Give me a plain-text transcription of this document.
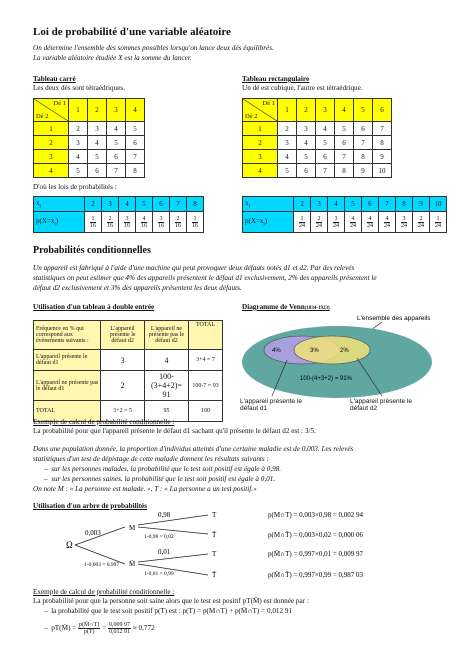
Loi de probabilité d'une variable aléatoire
On détermine l'ensemble des sommes possibles lorsqu'on lance deux dés équilibrés.
La variable aléatoire étudiée X est la somme du lancer.
Tableau carré
Les deux dés sont tétraédriques.
Dé 1
Dé 2	1	2	3	4
1	2	3	4	5
2	3	4	5	6
3	4	5	6	7
4	5	6	7	8
Tableau rectangulaire
Un dé est cubique, l'autre est tétraédrique.
Dé 1
Dé 2	1	2	3	4	5	6
1	2	3	4	5	6	7
2	3	4	5	6	7	8
3	4	5	6	7	8	9
4	5	6	7	8	9	10
D'où les lois de probabilités :
$x_i$	2	3	4	5	6	7	8
$p(X=x_i)$	$\frac{1}{16}$	$\frac{2}{16}$	$\frac{3}{16}$	$\frac{4}{16}$	$\frac{3}{16}$	$\frac{2}{16}$	$\frac{1}{16}$
$x_i$	2	3	4	5	6	7	8	9	10
$p(X=x_i)$	$\frac{1}{24}$	$\frac{2}{24}$	$\frac{3}{24}$	$\frac{4}{24}$	$\frac{4}{24}$	$\frac{4}{24}$	$\frac{3}{24}$	$\frac{2}{24}$	$\frac{1}{24}$
Probabilités conditionnelles
Un appareil est fabriqué à l'aide d'une machine qui peut provoquer deux défauts notés d1 et d2. Par des relevés
statistiques on peut estimer que 4% des appareils présentent le défaut d1 exclusivement, 2% des appareils présentent le
défaut d2 exclusivement et 3% des appareils présentent les deux défauts.
Utilisation d'un tableau à double entrée
Fréquence en % qui correspond aux évènements suivants :	L'appareil présente le défaut d2	L'appareil ne présente pas le défaut d2	TOTAL
L'appareil présente le défaut d1	3	4	3+4 = 7
L'appareil ne présente pas le défaut d1	2	100-(3+4+2)= 91	100-7 = 93
TOTAL	3+2 = 5	95	100
Diagramme de Venn(1834-1923)
L'ensemble des appareils
4%	3%	2%
100-(4+3+2) = 91%
L'appareil présente le défaut d1
L'appareil présente le défaut d2
Exemple de calcul de probabilité conditionnelle :
La probabilité pour que l'appareil présente le défaut d1 sachant qu'il présente le défaut d2 est : 3/5.
Dans une population donnée, la proportion d'individus atteints d'une certaine maladie est de 0,003. Les relevés
statistiques d'un test de dépistage de cette maladie donnent les résultats suivants :
–  sur les personnes malades, la probabilité que le test soit positif est égale à 0,98.
–  sur les personnes saines, la probabilité que le test soit positif est égale à 0,01.
On note M : « La personne est malade. », T : « La personne a un test positif.»
Utilisation d'un arbre de probabilités
Ω
0,003
1-0,003 = 0,997
M
M̄
0,98
1-0,98 = 0,02
0,01
1-0,01 = 0,99
T
T̄
T
T̄
p(M∩T) = 0,003×0,98 = 0,002 94
p(M∩T̄) = 0,003×0,02 = 0,000 06
p(M̄∩T) = 0,997×0,01 = 0,009 97
p(M̄∩T̄) = 0,997×0,99 = 0,987 03
Exemple de calcul de probabilité conditionnelle :
La probabilité pour que la personne soit saine alors que le test est positif pT(M̄) est donnée par :
–  la probabilité que le test soit positif p(T) est : p(T) = p(M∩T) + p(M̄∩T) = 0,012 91
–  pT(M̄) = $\frac{p(M̄\cap T)}{p(T)} = \frac{0,009 97}{0,012 91} \approx 0,772$
